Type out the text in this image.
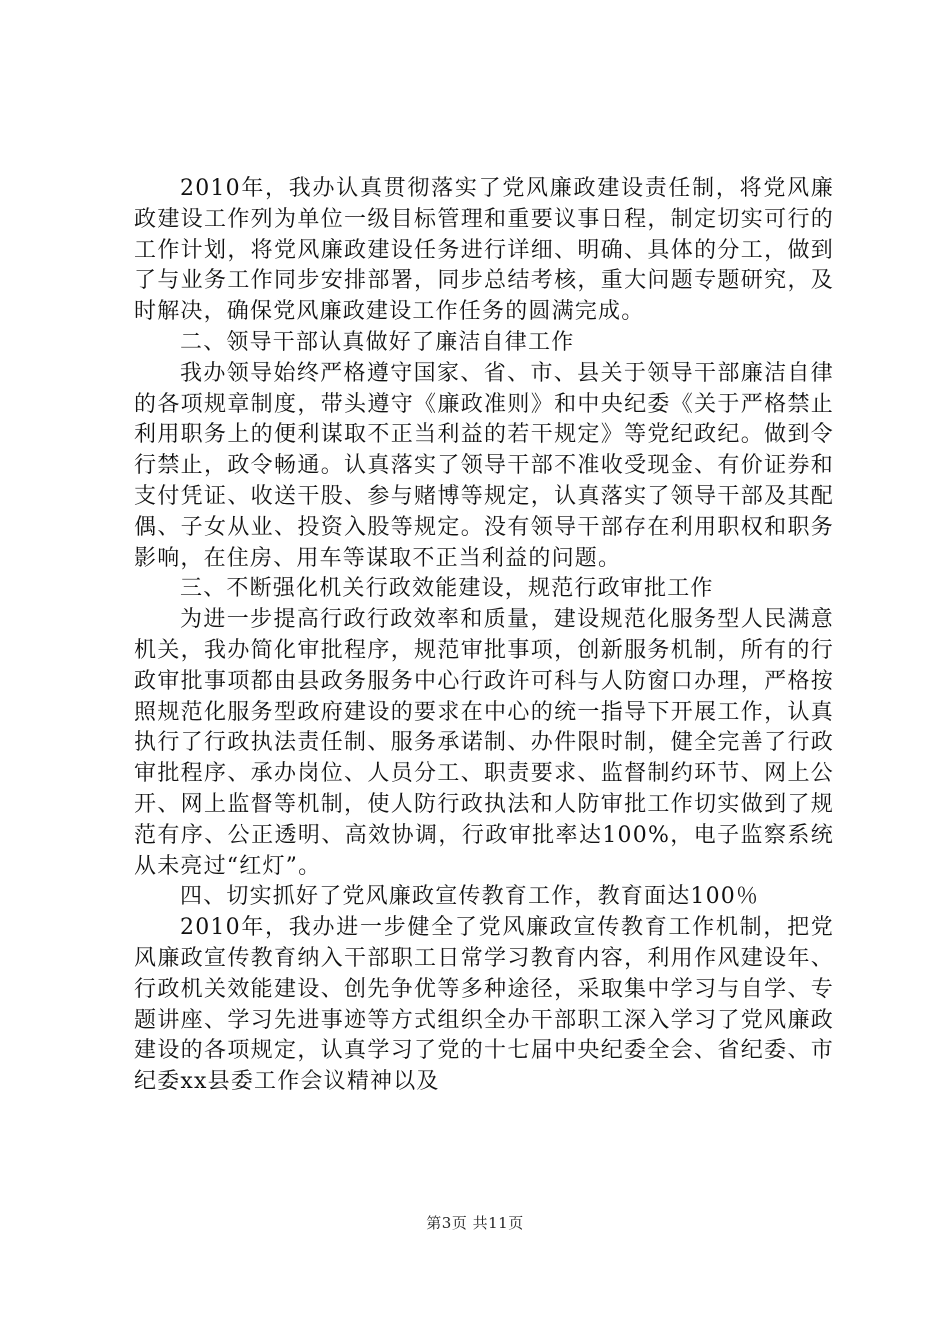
2010年，我办认真贯彻落实了党风廉政建设责任制，将党风廉政建设工作列为单位一级目标管理和重要议事日程，制定切实可行的工作计划，将党风廉政建设任务进行详细、明确、具体的分工，做到了与业务工作同步安排部署，同步总结考核，重大问题专题研究，及时解决，确保党风廉政建设工作任务的圆满完成。

二、领导干部认真做好了廉洁自律工作

我办领导始终严格遵守国家、省、市、县关于领导干部廉洁自律的各项规章制度，带头遵守《廉政准则》和中央纪委《关于严格禁止利用职务上的便利谋取不正当利益的若干规定》等党纪政纪。做到令行禁止，政令畅通。认真落实了领导干部不准收受现金、有价证券和支付凭证、收送干股、参与赌博等规定，认真落实了领导干部及其配偶、子女从业、投资入股等规定。没有领导干部存在利用职权和职务影响，在住房、用车等谋取不正当利益的问题。

三、不断强化机关行政效能建设，规范行政审批工作

为进一步提高行政行政效率和质量，建设规范化服务型人民满意机关，我办简化审批程序，规范审批事项，创新服务机制，所有的行政审批事项都由县政务服务中心行政许可科与人防窗口办理，严格按照规范化服务型政府建设的要求在中心的统一指导下开展工作，认真执行了行政执法责任制、服务承诺制、办件限时制，健全完善了行政审批程序、承办岗位、人员分工、职责要求、监督制约环节、网上公开、网上监督等机制，使人防行政执法和人防审批工作切实做到了规范有序、公正透明、高效协调，行政审批率达100%，电子监察系统从未亮过“红灯”。

四、切实抓好了党风廉政宣传教育工作，教育面达100％

2010年，我办进一步健全了党风廉政宣传教育工作机制，把党风廉政宣传教育纳入干部职工日常学习教育内容，利用作风建设年、行政机关效能建设、创先争优等多种途径，采取集中学习与自学、专题讲座、学习先进事迹等方式组织全办干部职工深入学习了党风廉政建设的各项规定，认真学习了党的十七届中央纪委全会、省纪委、市纪委xx县委工作会议精神以及

第3页 共11页
